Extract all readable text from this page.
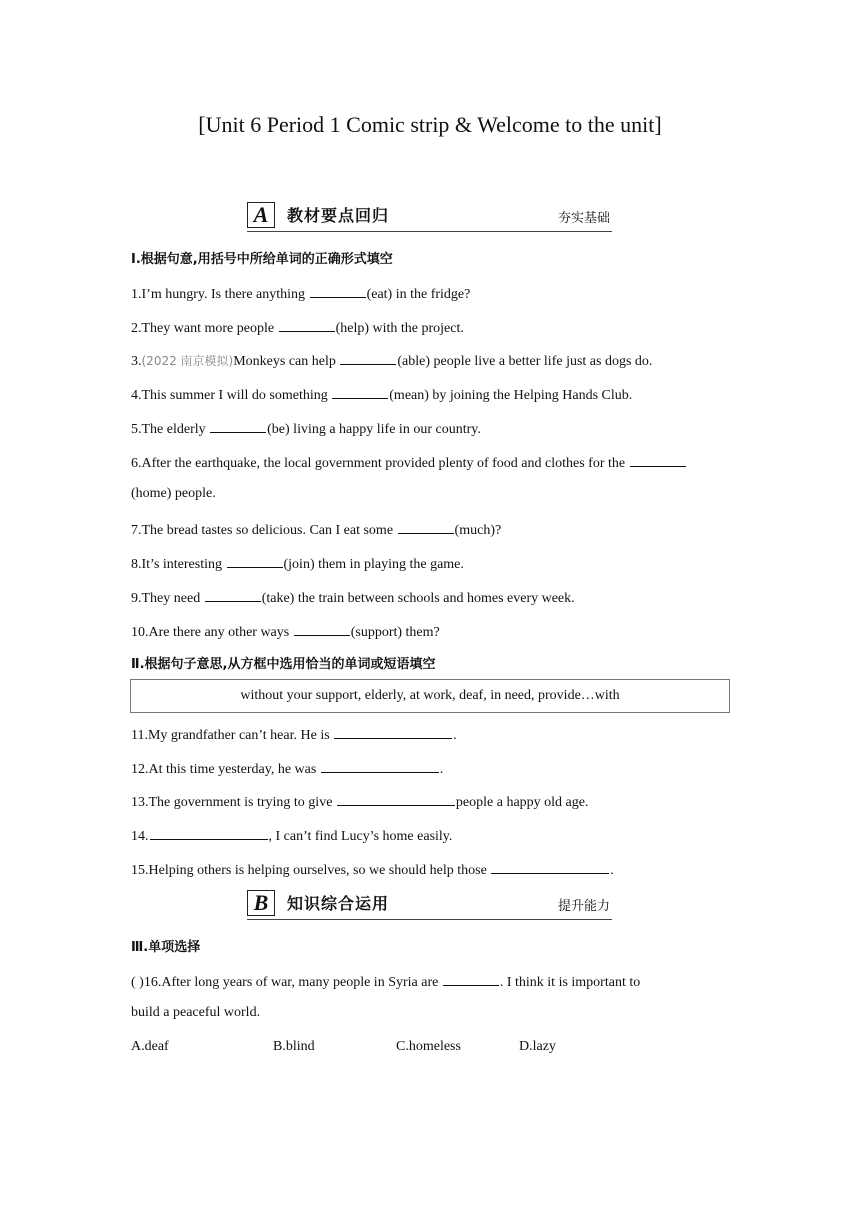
[Unit 6 Period 1 Comic strip & Welcome to the unit]
A 教材要点回归	夯实基础
Ⅰ.根据句意,用括号中所给单词的正确形式填空
1.I’m hungry. Is there anything	(eat) in the fridge?
2.They want more people	(help) with the project.
3.(2022 南京模拟)Monkeys can help	(able) people live a better life just as dogs do.
4.This summer I will do something	(mean) by joining the Helping Hands Club.
5.The elderly	(be) living a happy life in our country.
6.After the earthquake, the local government provided plenty of food and clothes for the
(home) people.
7.The bread tastes so delicious. Can I eat some	(much)?
8.It’s interesting	(join) them in playing the game.
9.They need	(take) the train between schools and homes every week.
10.Are there any other ways	(support) them?
Ⅱ.根据句子意思,从方框中选用恰当的单词或短语填空
without your support, elderly, at work, deaf, in need, provide…with
11.My grandfather can’t hear. He is	.
12.At this time yesterday, he was	.
13.The government is trying to give	people a happy old age.
14.	, I can’t find Lucy’s home easily.
15.Helping others is helping ourselves, so we should help those	.
B 知识综合运用	提升能力
Ⅲ.单项选择
( )16.After long years of war, many people in Syria are	. I think it is important to
build a peaceful world.
A.deaf	B.blind	C.homeless	D.lazy
